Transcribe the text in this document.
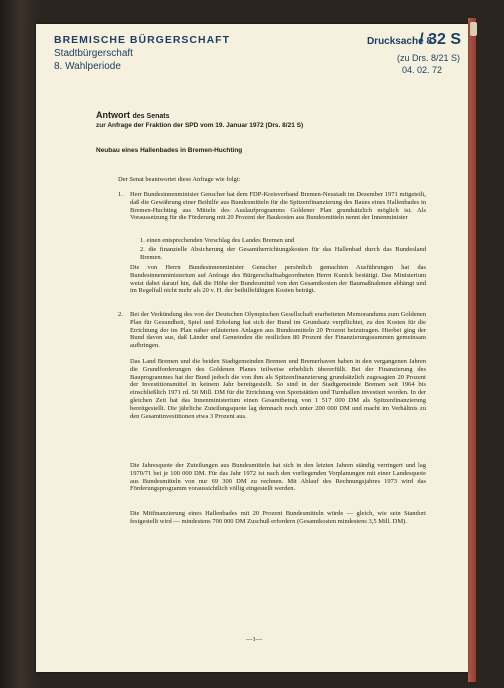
BREMISCHE BÜRGERSCHAFT
Stadtbürgerschaft
8. Wahlperiode
Drucksache 8
/ 32 S
(zu Drs. 8/21 S)
04. 02. 72
Antwort des Senats
zur Anfrage der Fraktion der SPD vom 19. Januar 1972 (Drs. 8/21 S)
Neubau eines Hallenbades in Bremen-Huchting
Der Senat beantwortet diese Anfrage wie folgt:
1. Herr Bundesinnenminister Genscher hat dem FDP-Kreisverband Bremen-Neustadt im Dezember 1971 mitgeteilt, daß die Gewährung einer Beihilfe aus Bundesmitteln für die Spitzenfinanzierung des Baues eines Hallenbades in Bremen-Huchting aus Mitteln des Auslaufprogramms Goldener Plan grundsätzlich möglich ist. Als Voraussetzung für die Förderung mit 20 Prozent der Baukosten aus Bundesmitteln nennt der Innenminister
1. einen entsprechenden Vorschlag des Landes Bremen und
2. die finanzielle Absicherung der Gesamtherrichtungskosten für das Hallenbad durch das Bundesland Bremen.
Die von Herrn Bundesinnenminister Genscher persönlich gemachten Ausführungen hat das Bundesinnenministerium auf Anfrage des Bürgerschaftsabgeordneten Herrn Kunick bestätigt. Das Ministerium weist dabei darauf hin, daß die Höhe der Bundesmittel von den Gesamtkosten der Baumaßnahmen abhängt und im Regelfall nicht mehr als 20 v. H. der beihilfefähigen Kosten beträgt.
2. Bei der Verkündung des von der Deutschen Olympischen Gesellschaft erarbeiteten Memorandums zum Goldenen Plan für Gesundheit, Spiel und Erholung hat sich der Bund im Grundsatz verpflichtet, zu den Kosten für die Errichtung der im Plan näher erläuterten Anlagen aus Bundesmitteln 20 Prozent beizutragen. Hierbei ging der Bund davon aus, daß Länder und Gemeinden die restlichen 80 Prozent der Finanzierungssummen gemeinsam aufbringen.
Das Land Bremen und die beiden Stadtgemeinden Bremen und Bremerhaven haben in den vergangenen Jahren die Grundforderungen des Goldenen Planes teilweise erheblich übererfüllt. Bei der Finanzierung des Bauprogrammes hat der Bund jedoch die von ihm als Spitzenfinanzierung grundsätzlich zugesagten 20 Prozent der Investitionsmittel in keinem Jahr bereitgestellt. So sind in der Stadtgemeinde Bremen seit 1964 bis einschließlich 1971 rd. 50 Mill. DM für die Errichtung von Sportstätten und Turnhallen investiert worden. In der gleichen Zeit hat das Innenministerium einen Gesamtbetrag von 1 517 000 DM als Spitzenfinanzierung bereitgestellt. Die jährliche Zuteilungsquote lag demnach noch unter 200 000 DM und macht im Verhältnis zu den Gesamtinvestitionen etwa 3 Prozent aus.
Die Jahresquote der Zuteilungen aus Bundesmitteln hat sich in den letzten Jahren ständig verringert und lag 1970/71 bei je 100 000 DM. Für das Jahr 1972 ist nach den vorliegenden Vorplanungen mit einer Landesquote aus Bundesmitteln von nur 69 300 DM zu rechnen. Mit Ablauf des Rechnungsjahres 1973 wird das Förderungsprogramm voraussichtlich völlig eingestellt werden.
Die Mitfinanzierung eines Hallenbades mit 20 Prozent Bundesmitteln würde — gleich, wie sein Standort festgestellt wird — mindestens 700 000 DM Zuschuß erfordern (Gesamtkosten mindestens 3,5 Mill. DM).
—1—
